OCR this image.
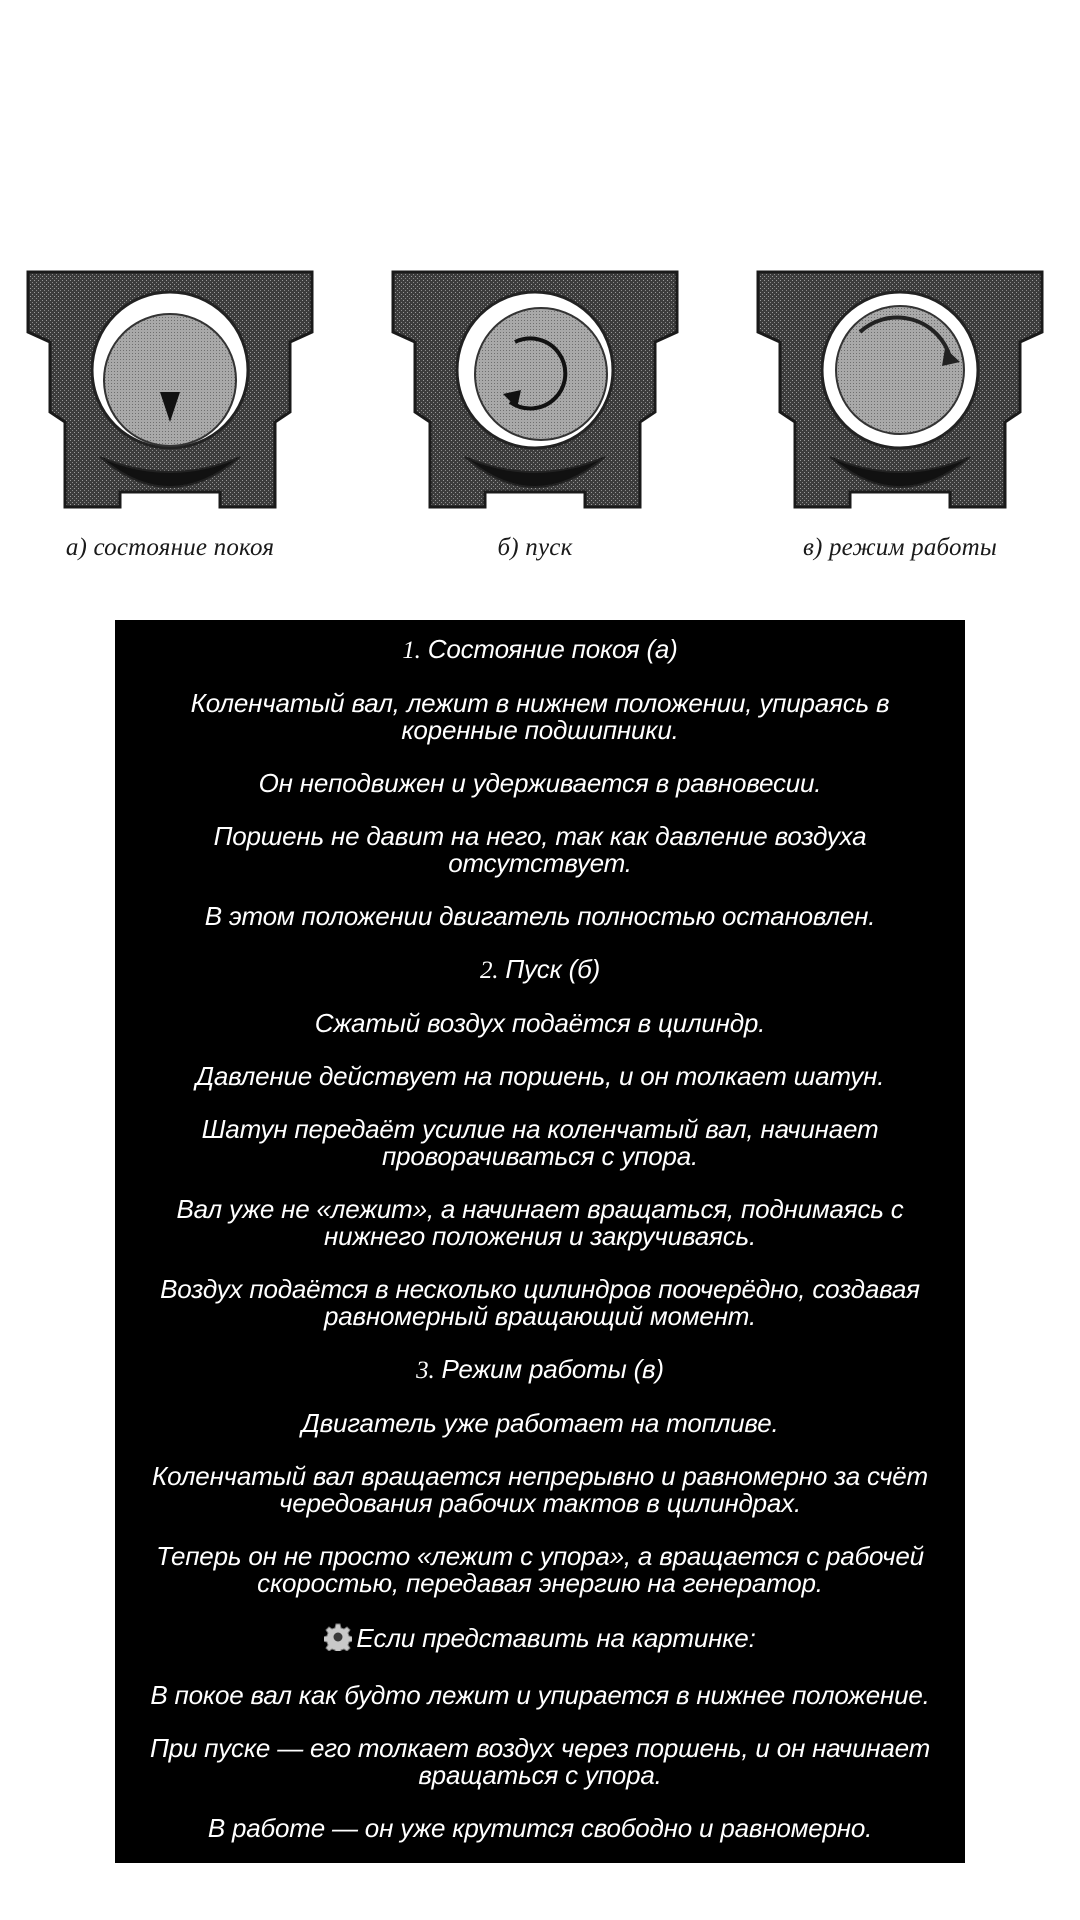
а) состояние покоя	б) пуск	в) режим работы
1. Состояние покоя (а)
Коленчатый вал, лежит в нижнем положении, упираясь в коренные подшипники.
Он неподвижен и удерживается в равновесии.
Поршень не давит на него, так как давление воздуха отсутствует.
В этом положении двигатель полностью остановлен.
2. Пуск (б)
Сжатый воздух подаётся в цилиндр.
Давление действует на поршень, и он толкает шатун.
Шатун передаёт усилие на коленчатый вал, начинает проворачиваться с упора.
Вал уже не «лежит», а начинает вращаться, поднимаясь с нижнего положения и закручиваясь.
Воздух подаётся в несколько цилиндров поочерёдно, создавая равномерный вращающий момент.
3. Режим работы (в)
Двигатель уже работает на топливе.
Коленчатый вал вращается непрерывно и равномерно за счёт чередования рабочих тактов в цилиндрах.
Теперь он не просто «лежит с упора», а вращается с рабочей скоростью, передавая энергию на генератор.
Если представить на картинке:
В покое вал как будто лежит и упирается в нижнее положение.
При пуске — его толкает воздух через поршень, и он начинает вращаться с упора.
В работе — он уже крутится свободно и равномерно.
